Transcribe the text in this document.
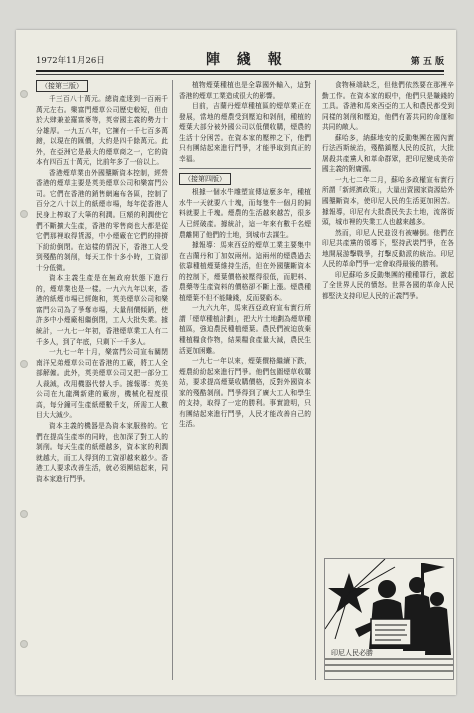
1972年11月26日	陣 綫 報	第 五 版
（接第三版）

千三百八十萬元。總資產達到一百兩千萬元左右。樂富門煙草公司歷史較短，但由於大肆兼並羅富麥等，英帝國主義的勢力十分雄厚。一九五八年，它擁有一千七百多萬鎊，以現在的匯價，大約是四千餘萬元。此外，在亞洲它是最大的煙草商之一，它的資本有四百五十萬元，比前年多了一倍以上。

香港煙草業由外國壟斷資本控制，經營香港的煙草主要是英美煙草公司和樂富門公司。它們在香港的銷售網遍布各區，控制了百分之八十以上的紙煙市場，每年從香港人民身上榨取了大筆的利潤。巨額的利潤使它們不斷擴大生產，香港的零售商也大都是從它們那裡取得貨源，中小煙廠在它們的排擠下紛紛倒閉。在這樣的情況下，香港工人受到殘酷的剝削，每天工作十多小時，工資卻十分低微。

資本主義生產是在無政府狀態下進行的，煙草業也是一樣。一九六九年以來，香港的紙煙市場已經飽和，英美煙草公司和樂富門公司為了爭奪市場，大量削價傾銷，使許多中小煙廠相繼倒閉，工人大批失業。據統計，一九七一年初，香港煙草業工人有二千多人，到了年底，只剩下一千多人。

一九七一年十月，樂富門公司宣布關閉南洋兄弟煙草公司在香港的工廠，將工人全部解僱。此外，英美煙草公司又把一部分工人裁減，改用機器代替人手。據報導：英美公司在九龍灣新建的廠房，機械化程度很高，每分鐘可生產紙煙數千支，所需工人數目大大減少。

資本主義的機器是為資本家服務的。它們在提高生產率的同時，也加深了對工人的剝削。每天生產的紙煙越多，資本家的利潤就越大，而工人得到的工資卻越來越少。香港工人要求改善生活，就必須團結起來，同資本家進行鬥爭。

植物煙葉種植也是全靠國外輸入，這對香港的煙草工業造成很大的影響。

目前，吉蘭丹煙草種植區的煙草業正在發展，當地的煙農受到壓迫和剝削，種植的煙葉大部分被外國公司以低價收購，煙農的生活十分困苦。在資本家的壓榨之下，他們只有團結起來進行鬥爭，才能爭取到真正的幸福。

（接第四版）

根據一個水牛雕塑宣傳這麼多年，種植水牛一天就要八十塊，而每隻牛一個月的飼料就要上千塊。煙農的生活越來越苦，很多人已經破產。據統計，這一年來有數千名煙農離開了他們的土地，到城市去謀生。

據報導：馬來西亞的煙草工業主要集中在吉蘭丹和丁加奴兩州。這兩州的煙農過去依靠種植煙葉維持生活，但在外國壟斷資本的控制下，煙葉價格被壓得很低，而肥料、農藥等生產資料的價格卻不斷上漲。煙農種植煙葉不但不能賺錢，反而要虧本。

一九六九年，馬來西亞政府宣布實行所謂「煙草種植計劃」，把大片土地劃為煙草種植區，強迫農民種植煙葉。農民們被迫放棄種植糧食作物，結果糧食產量大減，農民生活更加困難。

一九七一年以來，煙葉價格繼續下跌，煙農紛紛起來進行鬥爭。他們包圍煙草收購站，要求提高煙葉收購價格，反對外國資本家的殘酷剝削。鬥爭得到了廣大工人和學生的支持，取得了一定的勝利。事實證明，只有團結起來進行鬥爭，人民才能改善自己的生活。

食物極端缺乏，但他們依然要在那裡辛勤工作。在資本家的眼中，他們只是賺錢的工具。香港和馬來西亞的工人和農民都受到同樣的剝削和壓迫，他們有著共同的命運和共同的敵人。

蘇哈多，納蘇地安的反動集團在國內實行法西斯統治，殘酷鎮壓人民的反抗，大批屠殺共產黨人和革命群眾，把印尼變成美帝國主義的附庸國。

一九七二年二月，蘇哈多政權宣布實行所謂「新經濟政策」，大量出賣國家資源給外國壟斷資本，使印尼人民的生活更加困苦。據報導，印尼有大批農民失去土地，流落街頭，城市裡的失業工人也越來越多。

然而，印尼人民並沒有被嚇倒。他們在印尼共產黨的領導下，堅持武裝鬥爭，在各地開展游擊戰爭，打擊反動派的統治。印尼人民的革命鬥爭一定會取得最後的勝利。

印尼蘇哈多反動集團的種種罪行，激起了全世界人民的憤怒。世界各國的革命人民都堅決支持印尼人民的正義鬥爭。

印尼人民必勝
